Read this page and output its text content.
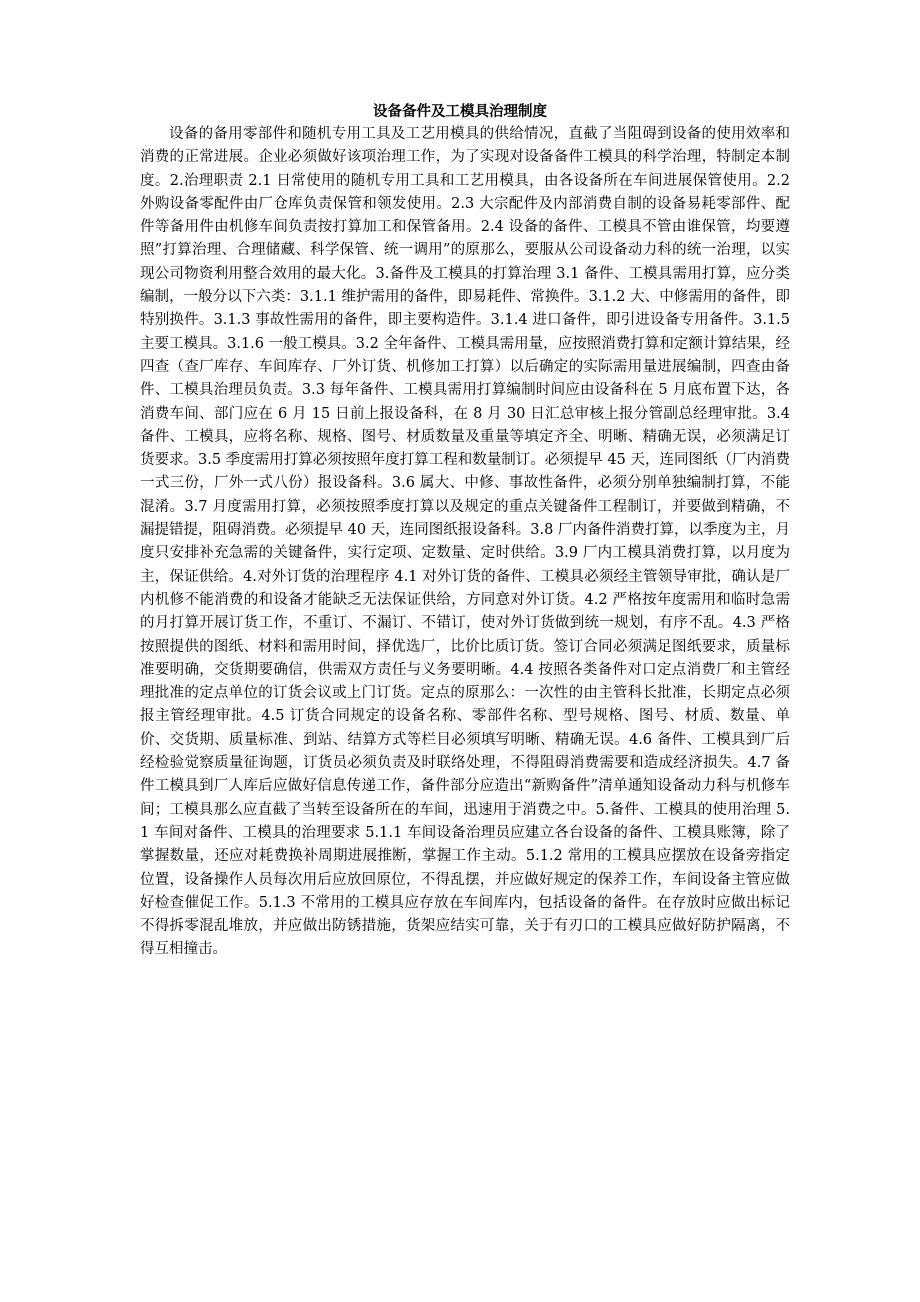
设备备件及工模具治理制度

设备的备用零部件和随机专用工具及工艺用模具的供给情况，直截了当阻碍到设备的使用效率和消费的正常进展。企业必须做好该项治理工作，为了实现对设备备件工模具的科学治理，特制定本制度。2.治理职责 2.1 日常使用的随机专用工具和工艺用模具，由各设备所在车间进展保管使用。2.2 外购设备零配件由厂仓库负责保管和领发使用。2.3 大宗配件及内部消费自制的设备易耗零部件、配件等备用件由机修车间负责按打算加工和保管备用。2.4 设备的备件、工模具不管由谁保管，均要遵照”打算治理、合理储藏、科学保管、统一调用”的原那么，要服从公司设备动力科的统一治理，以实现公司物资利用整合效用的最大化。3.备件及工模具的打算治理 3.1 备件、工模具需用打算，应分类编制，一般分以下六类：3.1.1 维护需用的备件，即易耗件、常换件。3.1.2 大、中修需用的备件，即特别换件。3.1.3 事故性需用的备件，即主要构造件。3.1.4 进口备件，即引进设备专用备件。3.1.5 主要工模具。3.1.6 一般工模具。3.2 全年备件、工模具需用量，应按照消费打算和定额计算结果，经四查（查厂库存、车间库存、厂外订货、机修加工打算）以后确定的实际需用量进展编制，四查由备件、工模具治理员负责。3.3 每年备件、工模具需用打算编制时间应由设备科在 5 月底布置下达，各消费车间、部门应在 6 月 15 日前上报设备科，在 8 月 30 日汇总审核上报分管副总经理审批。3.4 备件、工模具，应将名称、规格、图号、材质数量及重量等填定齐全、明晰、精确无误，必须满足订货要求。3.5 季度需用打算必须按照年度打算工程和数量制订。必须提早 45 天，连同图纸（厂内消费一式三份，厂外一式八份）报设备科。3.6 属大、中修、事故性备件，必须分别单独编制打算，不能混淆。3.7 月度需用打算，必须按照季度打算以及规定的重点关键备件工程制订，并要做到精确，不漏提错提，阻碍消费。必须提早 40 天，连同图纸报设备科。3.8 厂内备件消费打算，以季度为主，月度只安排补充急需的关键备件，实行定项、定数量、定时供给。3.9 厂内工模具消费打算，以月度为主，保证供给。4.对外订货的治理程序 4.1 对外订货的备件、工模具必须经主管领导审批，确认是厂内机修不能消费的和设备才能缺乏无法保证供给，方同意对外订货。4.2 严格按年度需用和临时急需的月打算开展订货工作，不重订、不漏订、不错订，使对外订货做到统一规划，有序不乱。4.3 严格按照提供的图纸、材料和需用时间，择优选厂，比价比质订货。签订合同必须满足图纸要求，质量标准要明确，交货期要确信，供需双方责任与义务要明晰。4.4 按照各类备件对口定点消费厂和主管经理批准的定点单位的订货会议或上门订货。定点的原那么：一次性的由主管科长批准，长期定点必须报主管经理审批。4.5 订货合同规定的设备名称、零部件名称、型号规格、图号、材质、数量、单价、交货期、质量标准、到站、结算方式等栏目必须填写明晰、精确无误。4.6 备件、工模具到厂后经检验觉察质量征询题，订货员必须负责及时联络处理，不得阻碍消费需要和造成经济损失。4.7 备件工模具到厂人库后应做好信息传递工作，备件部分应造出“新购备件”清单通知设备动力科与机修车间；工模具那么应直截了当转至设备所在的车间，迅速用于消费之中。5.备件、工模具的使用治理 5.1 车间对备件、工模具的治理要求 5.1.1 车间设备治理员应建立各台设备的备件、工模具账簿，除了掌握数量，还应对耗费换补周期进展推断，掌握工作主动。5.1.2 常用的工模具应摆放在设备旁指定位置，设备操作人员每次用后应放回原位，不得乱摆，并应做好规定的保养工作，车间设备主管应做好检查催促工作。5.1.3 不常用的工模具应存放在车间库内，包括设备的备件。在存放时应做出标记不得拆零混乱堆放，并应做出防锈措施，货架应结实可靠，关于有刃口的工模具应做好防护隔离，不得互相撞击。
